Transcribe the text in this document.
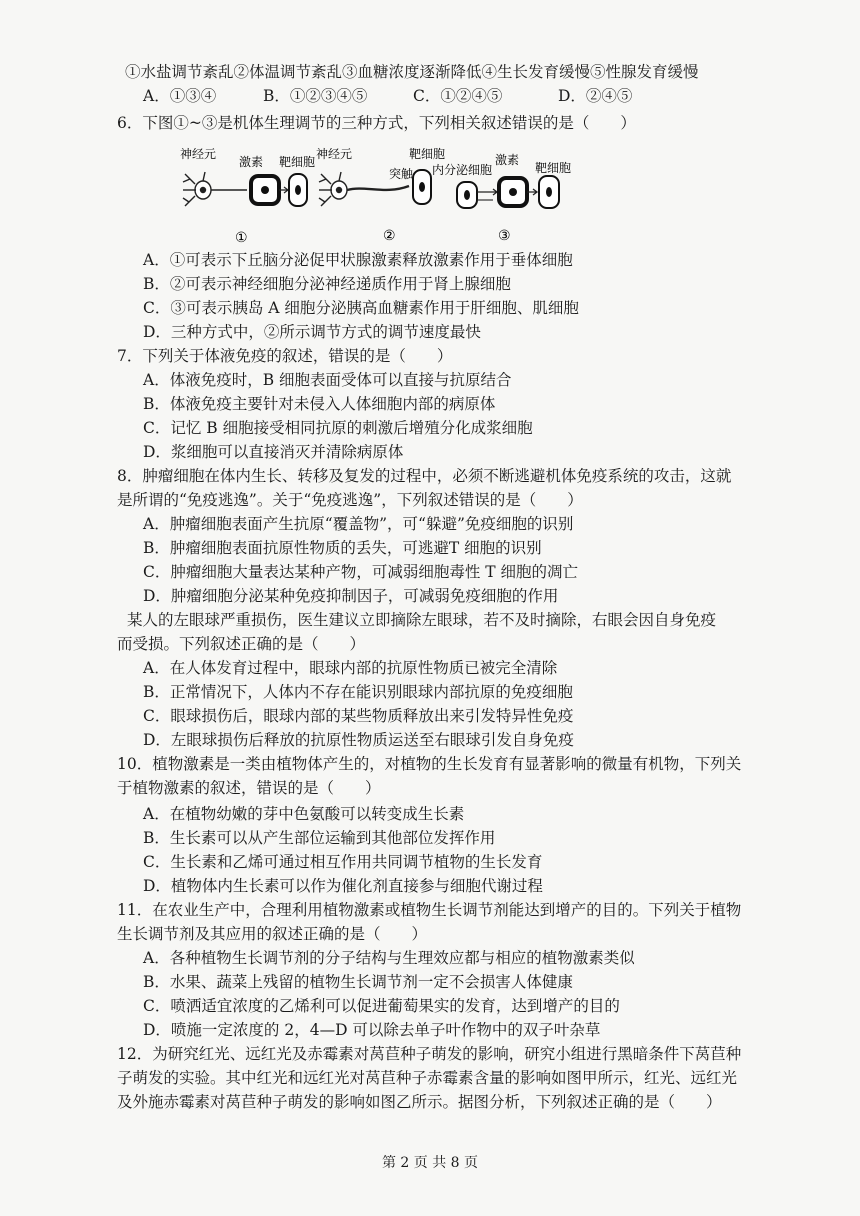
①水盐调节紊乱②体温调节紊乱③血糖浓度逐渐降低④生长发育缓慢⑤性腺发育缓慢
A．①③④	B．①②③④⑤	C．①②④⑤	D．②④⑤
6．下图①~③是机体生理调节的三种方式，下列相关叙述错误的是（　　）
神经元
激素 靶细胞
①
神经元	靶细胞
突触
②
内分泌细胞
激素
靶细胞
③
A．①可表示下丘脑分泌促甲状腺激素释放激素作用于垂体细胞
B．②可表示神经细胞分泌神经递质作用于肾上腺细胞
C．③可表示胰岛 A 细胞分泌胰高血糖素作用于肝细胞、肌细胞
D．三种方式中，②所示调节方式的调节速度最快
7．下列关于体液免疫的叙述，错误的是（　　）
A．体液免疫时，B 细胞表面受体可以直接与抗原结合
B．体液免疫主要针对未侵入人体细胞内部的病原体
C．记忆 B 细胞接受相同抗原的刺激后增殖分化成浆细胞
D．浆细胞可以直接消灭并清除病原体
8．肿瘤细胞在体内生长、转移及复发的过程中，必须不断逃避机体免疫系统的攻击，这就
是所谓的“免疫逃逸”。关于“免疫逃逸”，下列叙述错误的是（　　）
A．肿瘤细胞表面产生抗原“覆盖物”，可“躲避”免疫细胞的识别
B．肿瘤细胞表面抗原性物质的丢失，可逃避T 细胞的识别
C．肿瘤细胞大量表达某种产物，可减弱细胞毒性 T 细胞的凋亡
D．肿瘤细胞分泌某种免疫抑制因子，可减弱免疫细胞的作用
某人的左眼球严重损伤，医生建议立即摘除左眼球，若不及时摘除，右眼会因自身免疫
而受损。下列叙述正确的是（　　）
A．在人体发育过程中，眼球内部的抗原性物质已被完全清除
B．正常情况下，人体内不存在能识别眼球内部抗原的免疫细胞
C．眼球损伤后，眼球内部的某些物质释放出来引发特异性免疫
D．左眼球损伤后释放的抗原性物质运送至右眼球引发自身免疫
10．植物激素是一类由植物体产生的，对植物的生长发育有显著影响的微量有机物，下列关
于植物激素的叙述，错误的是（　　）
A．在植物幼嫩的芽中色氨酸可以转变成生长素
B．生长素可以从产生部位运输到其他部位发挥作用
C．生长素和乙烯可通过相互作用共同调节植物的生长发育
D．植物体内生长素可以作为催化剂直接参与细胞代谢过程
11．在农业生产中，合理利用植物激素或植物生长调节剂能达到增产的目的。下列关于植物
生长调节剂及其应用的叙述正确的是（　　）
A．各种植物生长调节剂的分子结构与生理效应都与相应的植物激素类似
B．水果、蔬菜上残留的植物生长调节剂一定不会损害人体健康
C．喷洒适宜浓度的乙烯利可以促进葡萄果实的发育，达到增产的目的
D．喷施一定浓度的 2，4—D 可以除去单子叶作物中的双子叶杂草
12．为研究红光、远红光及赤霉素对莴苣种子萌发的影响，研究小组进行黑暗条件下莴苣种
子萌发的实验。其中红光和远红光对莴苣种子赤霉素含量的影响如图甲所示，红光、远红光
及外施赤霉素对莴苣种子萌发的影响如图乙所示。据图分析，下列叙述正确的是（　　）
第 2 页 共 8 页
